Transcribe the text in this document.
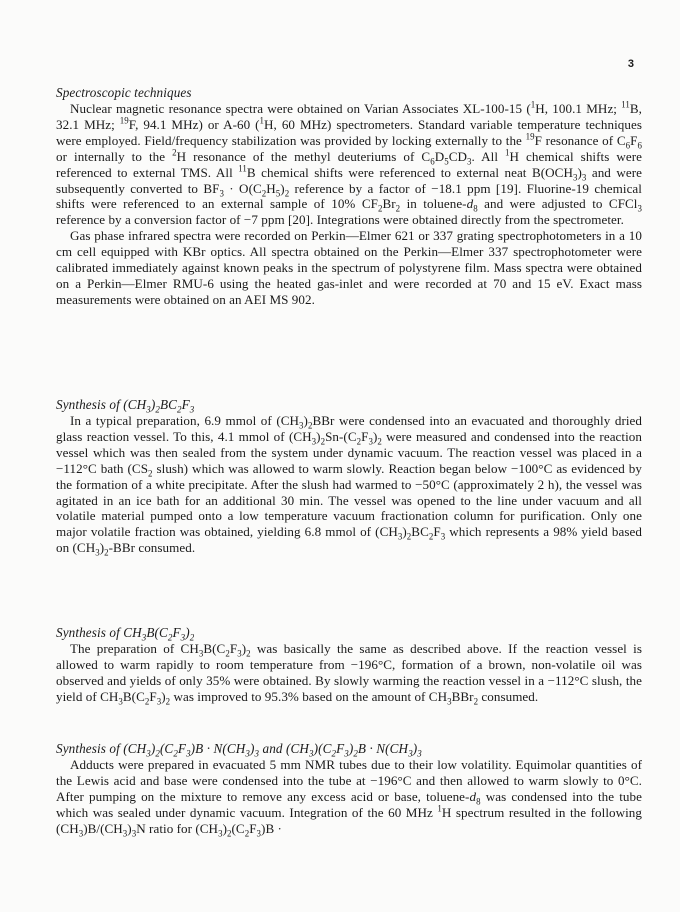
3
Spectroscopic techniques

Nuclear magnetic resonance spectra were obtained on Varian Associates XL-100-15 ($^1$H, 100.1 MHz; $^{11}$B, 32.1 MHz; $^{19}$F, 94.1 MHz) or A-60 ($^1$H, 60 MHz) spectrometers. Standard variable temperature techniques were employed. Field/frequency stabilization was provided by locking externally to the $^{19}$F resonance of $C_6F_6$ or internally to the $^2$H resonance of the methyl deuteriums of $C_6D_5CD_3$. All $^1$H chemical shifts were referenced to external TMS. All $^{11}$B chemical shifts were referenced to external neat $B(OCH_3)_3$ and were subsequently converted to $BF_3 \cdot O(C_2H_5)_2$ reference by a factor of −18.1 ppm [19]. Fluorine-19 chemical shifts were referenced to an external sample of 10% $CF_2Br_2$ in toluene-$d_8$ and were adjusted to CFCl$_3$ reference by a conversion factor of −7 ppm [20]. Integrations were obtained directly from the spectrometer.

Gas phase infrared spectra were recorded on Perkin—Elmer 621 or 337 grating spectrophotometers in a 10 cm cell equipped with KBr optics. All spectra obtained on the Perkin—Elmer 337 spectrophotometer were calibrated immediately against known peaks in the spectrum of polystyrene film. Mass spectra were obtained on a Perkin—Elmer RMU-6 using the heated gas-inlet and were recorded at 70 and 15 eV. Exact mass measurements were obtained on an AEI MS 902.

Synthesis of $(CH_3)_2BC_2F_3$

In a typical preparation, 6.9 mmol of $(CH_3)_2BBr$ were condensed into an evacuated and thoroughly dried glass reaction vessel. To this, 4.1 mmol of $(CH_3)_2Sn-(C_2F_3)_2$ were measured and condensed into the reaction vessel which was then sealed from the system under dynamic vacuum. The reaction vessel was placed in a −112°C bath ($CS_2$ slush) which was allowed to warm slowly. Reaction began below −100°C as evidenced by the formation of a white precipitate. After the slush had warmed to −50°C (approximately 2 h), the vessel was agitated in an ice bath for an additional 30 min. The vessel was opened to the line under vacuum and all volatile material pumped onto a low temperature vacuum fractionation column for purification. Only one major volatile fraction was obtained, yielding 6.8 mmol of $(CH_3)_2BC_2F_3$ which represents a 98% yield based on $(CH_3)_2$-BBr consumed.

Synthesis of $CH_3B(C_2F_3)_2$

The preparation of $CH_3B(C_2F_3)_2$ was basically the same as described above. If the reaction vessel is allowed to warm rapidly to room temperature from −196°C, formation of a brown, non-volatile oil was observed and yields of only 35% were obtained. By slowly warming the reaction vessel in a −112°C slush, the yield of $CH_3B(C_2F_3)_2$ was improved to 95.3% based on the amount of $CH_3BBr_2$ consumed.

Synthesis of $(CH_3)_2(C_2F_3)B \cdot N(CH_3)_3$ and $(CH_3)(C_2F_3)_2B \cdot N(CH_3)_3$

Adducts were prepared in evacuated 5 mm NMR tubes due to their low volatility. Equimolar quantities of the Lewis acid and base were condensed into the tube at −196°C and then allowed to warm slowly to 0°C. After pumping on the mixture to remove any excess acid or base, toluene-$d_8$ was condensed into the tube which was sealed under dynamic vacuum. Integration of the 60 MHz $^1$H spectrum resulted in the following $(CH_3)B/(CH_3)_3N$ ratio for $(CH_3)_2(C_2F_3)B$ ·
